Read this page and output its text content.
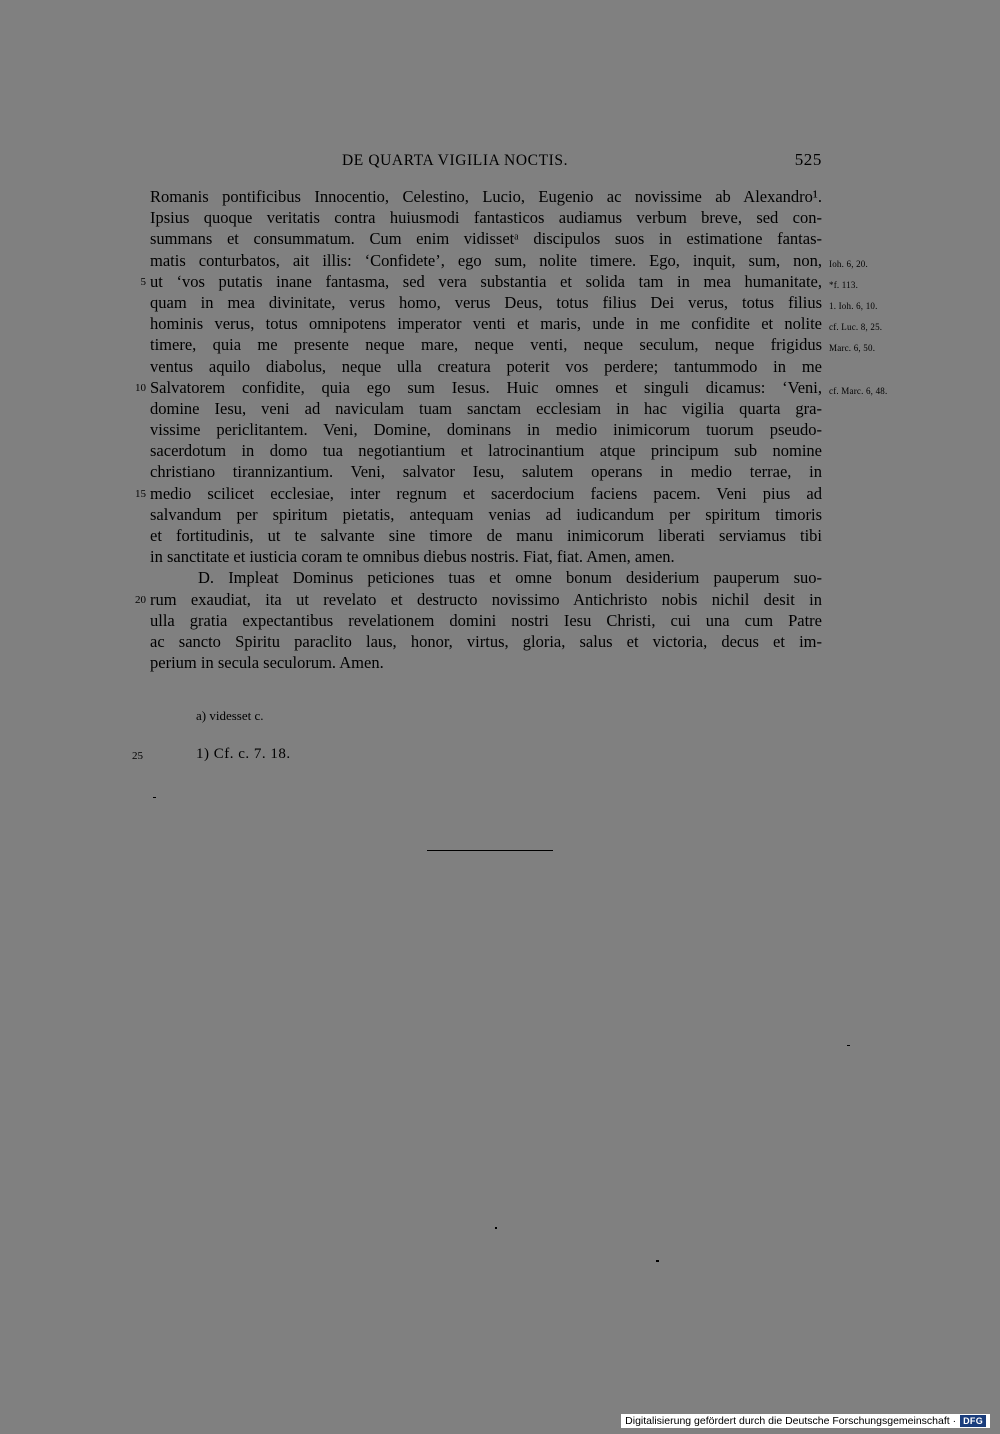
DE QUARTA VIGILIA NOCTIS.	525
Romanis pontificibus Innocentio, Celestino, Lucio, Eugenio ac novissime ab Alexandro¹.
Ipsius quoque veritatis contra huiusmodi fantasticos audiamus verbum breve, sed con-
summans et consummatum. Cum enim vidissetᵃ discipulos suos in estimatione fantas-
matis conturbatos, ait illis: ‘Confidete’, ego sum, nolite timere. Ego, inquit, sum, non, Ioh. 6, 20.
5 ut ‘vos putatis inane fantasma, sed vera substantia et solida tam in mea humanitate, *f. 113.
quam in mea divinitate, verus homo, verus Deus, totus filius Dei verus, totus filius 1. Ioh. 6, 10.
hominis verus, totus omnipotens imperator venti et maris, unde in me confidite et nolite cf. Luc. 8, 25.
timere, quia me presente neque mare, neque venti, neque seculum, neque frigidus Marc. 6, 50.
ventus aquilo diabolus, neque ulla creatura poterit vos perdere; tantummodo in me
10 Salvatorem confidite, quia ego sum Iesus. Huic omnes et singuli dicamus: ‘Veni, cf. Marc. 6, 48.
domine Iesu, veni ad naviculam tuam sanctam ecclesiam in hac vigilia quarta gra-
vissime periclitantem. Veni, Domine, dominans in medio inimicorum tuorum pseudo-
sacerdotum in domo tua negotiantium et latrocinantium atque principum sub nomine
christiano tirannizantium. Veni, salvator Iesu, salutem operans in medio terrae, in
15 medio scilicet ecclesiae, inter regnum et sacerdocium faciens pacem. Veni pius ad
salvandum per spiritum pietatis, antequam venias ad iudicandum per spiritum timoris
et fortitudinis, ut te salvante sine timore de manu inimicorum liberati serviamus tibi
in sanctitate et iusticia coram te omnibus diebus nostris. Fiat, fiat. Amen, amen.
D. Impleat Dominus peticiones tuas et omne bonum desiderium pauperum suo-
20 rum exaudiat, ita ut revelato et destructo novissimo Antichristo nobis nichil desit in
ulla gratia expectantibus revelationem domini nostri Iesu Christi, cui una cum Patre
ac sancto Spiritu paraclito laus, honor, virtus, gloria, salus et victoria, decus et im-
perium in secula seculorum. Amen.
a) videsset c.
25	1) Cf. c. 7. 18.
Digitalisierung gefördert durch die Deutsche Forschungsgemeinschaft · DFG
